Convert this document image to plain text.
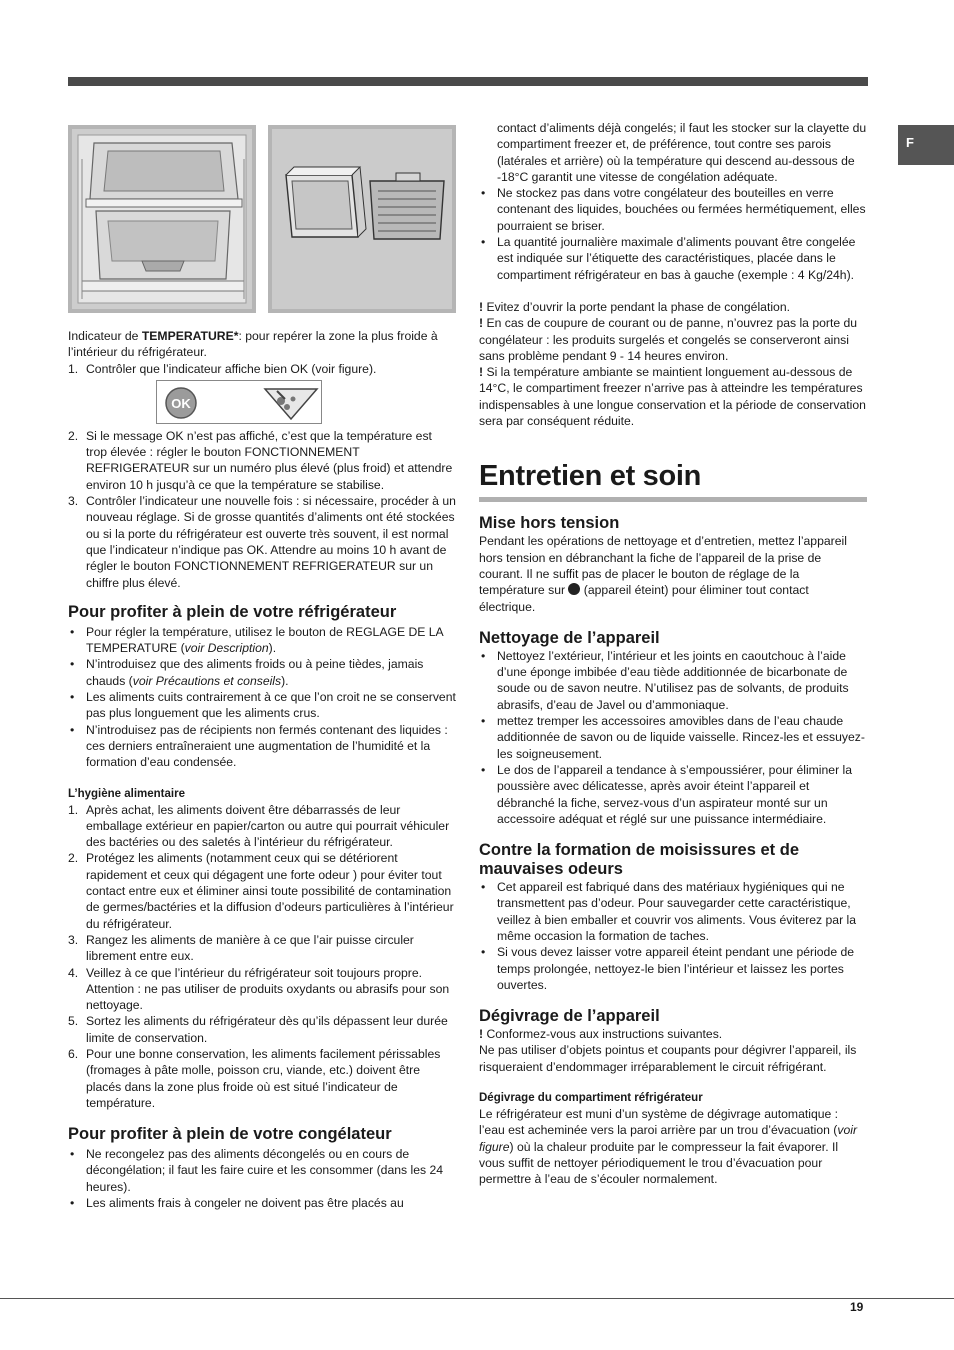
F

Indicateur de TEMPERATURE*: pour repérer la zone la plus froide à l’intérieur du réfrigérateur.

1. Contrôler que l’indicateur affiche bien OK (voir figure).
OK
2. Si le message OK n’est pas affiché, c’est que la température est trop élevée : régler le bouton FONCTIONNEMENT REFRIGERATEUR sur un numéro plus élevé (plus froid) et attendre environ 10 h jusqu’à ce que la température se stabilise.
3. Contrôler l’indicateur une nouvelle fois : si nécessaire, procéder à un nouveau réglage. Si de grosse quantités d’aliments ont été stockées ou si la porte du réfrigérateur est ouverte très souvent, il est normal que l’indicateur n’indique pas OK. Attendre au moins 10 h avant de régler le bouton FONCTIONNEMENT REFRIGERATEUR sur un chiffre plus élevé.
Pour profiter à plein de votre réfrigérateur
• Pour régler la température, utilisez le bouton de REGLAGE DE LA TEMPERATURE (voir Description).
• N’introduisez que des aliments froids ou à peine tièdes, jamais chauds (voir Précautions et conseils).
• Les aliments cuits contrairement à ce que l’on croit ne se conservent pas plus longuement que les aliments crus.
• N’introduisez pas de récipients non fermés contenant des liquides : ces derniers entraîneraient une augmentation de l’humidité et la formation d’eau condensée.
L’hygiène alimentaire
1. Après achat, les aliments doivent être débarrassés de leur emballage extérieur en papier/carton ou autre qui pourrait véhiculer des bactéries ou des saletés à l’intérieur du réfrigérateur.
2. Protégez les aliments (notamment ceux qui se détériorent rapidement et ceux qui dégagent une forte odeur ) pour éviter tout contact entre eux et éliminer ainsi toute possibilité de contamination de germes/bactéries et la diffusion d’odeurs particulières à l’intérieur du réfrigérateur.
3. Rangez les aliments de manière à ce que l’air puisse circuler librement entre eux.
4. Veillez à ce que l’intérieur du réfrigérateur soit toujours propre. Attention : ne pas utiliser de produits oxydants ou abrasifs pour son nettoyage.
5. Sortez les aliments du réfrigérateur dès qu’ils dépassent leur durée limite de conservation.
6. Pour une bonne conservation, les aliments facilement périssables (fromages à pâte molle, poisson cru, viande, etc.) doivent être placés dans la zone plus froide où est situé l’indicateur de température.
Pour profiter à plein de votre congélateur
• Ne recongelez pas des aliments décongelés ou en cours de décongélation; il faut les faire cuire et les consommer (dans les 24 heures).
• Les aliments frais à congeler ne doivent pas être placés au

contact d’aliments déjà congelés; il faut les stocker sur la clayette du compartiment freezer et, de préférence, tout contre ses parois (latérales et arrière) où la température qui descend au-dessous de -18°C garantit une vitesse de congélation adéquate.

• Ne stockez pas dans votre congélateur des bouteilles en verre contenant des liquides, bouchées ou fermées hermétiquement, elles pourraient se briser.
• La quantité journalière maximale d’aliments pouvant être congelée est indiquée sur l’étiquette des caractéristiques, placée dans le compartiment réfrigérateur en bas à gauche (exemple : 4 Kg/24h).

! Evitez d’ouvrir la porte pendant la phase de congélation.

! En cas de coupure de courant ou de panne, n’ouvrez pas la porte du congélateur : les produits surgelés et congelés se conserveront ainsi sans problème pendant 9 - 14 heures environ.

! Si la température ambiante se maintient longuement au-dessous de 14°C, le compartiment freezer n’arrive pas à atteindre les températures indispensables à une longue conservation et la période de conservation sera par conséquent réduite.

Entretien et soin
Mise hors tension

Pendant les opérations de nettoyage et d’entretien, mettez l’appareil hors tension en débranchant la fiche de l’appareil de la prise de courant. Il ne suffit pas de placer le bouton de réglage de la température sur  (appareil éteint) pour éliminer tout contact électrique.

Nettoyage de l’appareil
• Nettoyez l’extérieur, l’intérieur et les joints en caoutchouc à l’aide d’une éponge imbibée d’eau tiède additionnée de bicarbonate de soude ou de savon neutre. N’utilisez pas de solvants, de produits abrasifs, d’eau de Javel ou d’ammoniaque.
• mettez tremper les accessoires amovibles dans de l’eau chaude additionnée de savon ou de liquide vaisselle. Rincez-les et essuyez-les soigneusement.
• Le dos de l’appareil a tendance à s’empoussiérer, pour éliminer la poussière avec délicatesse, après avoir éteint l’appareil et débranché la fiche, servez-vous d’un aspirateur monté sur un accessoire adéquat et réglé sur une puissance intermédiaire.
Contre la formation de moisissures et de mauvaises odeurs
• Cet appareil est fabriqué dans des matériaux hygiéniques qui ne transmettent pas d’odeur. Pour sauvegarder cette caractéristique, veillez à bien emballer et couvrir vos aliments. Vous éviterez par la même occasion la formation de taches.
• Si vous devez laisser votre appareil éteint pendant une période de temps prolongée, nettoyez-le bien l’intérieur et laissez les portes ouvertes.
Dégivrage de l’appareil

! Conformez-vous aux instructions suivantes.

Ne pas utiliser d’objets pointus et coupants pour dégivrer l’appareil, ils risqueraient d’endommager irréparablement le circuit réfrigérant.

Dégivrage du compartiment réfrigérateur

Le réfrigérateur est muni d’un système de dégivrage automatique : l’eau est acheminée vers la paroi arrière par un trou d’évacuation (voir figure) où la chaleur produite par le compresseur la fait évaporer. Il vous suffit de nettoyer périodiquement le trou d’évacuation pour permettre à l’eau de s’écouler normalement.

19
